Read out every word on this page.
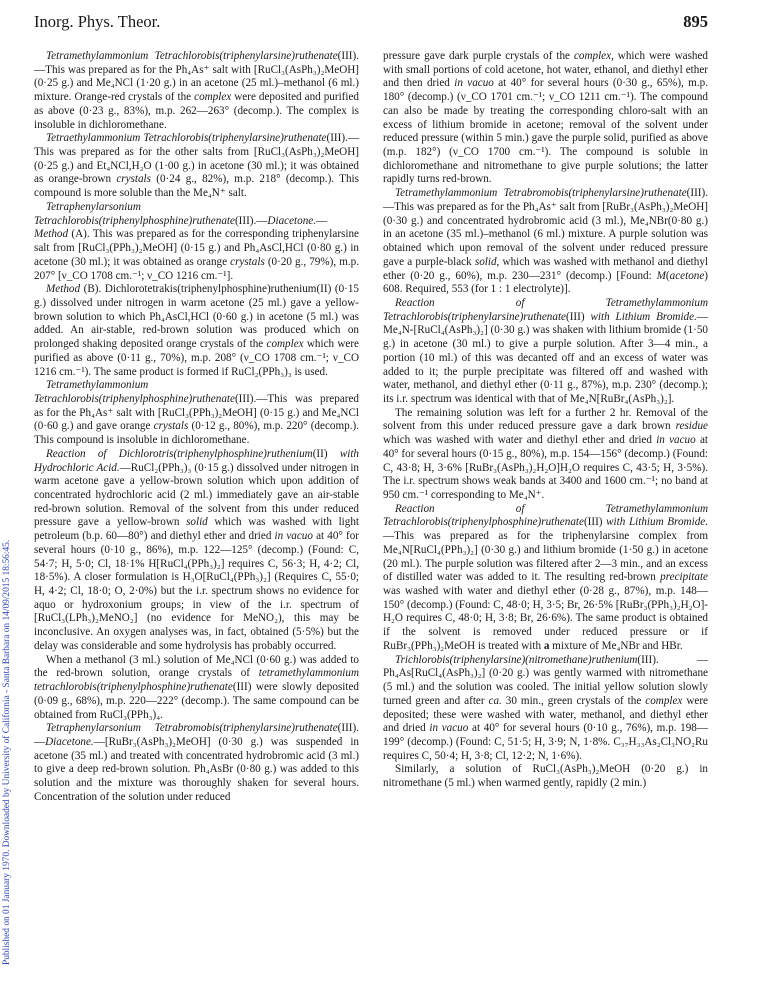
Inorg. Phys. Theor.	895
Published on 01 January 1970. Downloaded by University of California - Santa Barbara on 14/09/2015 18:56:45.

Tetramethylammonium Tetrachlorobis(triphenylarsine)ruthenate(III).—This was prepared as for the Ph₄As⁺ salt with [RuCl₃(AsPh₃)₂MeOH] (0·25 g.) and Me₄NCl (1·20 g.) in an acetone (25 ml.)–methanol (6 ml.) mixture. Orange-red crystals of the complex were deposited and purified as above (0·23 g., 83%), m.p. 262—263° (decomp.). The complex is insoluble in dichloromethane.

Tetraethylammonium Tetrachlorobis(triphenylarsine)ruthenate(III).—This was prepared as for the other salts from [RuCl₃(AsPh₃)₂MeOH] (0·25 g.) and Et₄NCl,H₂O (1·00 g.) in acetone (30 ml.); it was obtained as orange-brown crystals (0·24 g., 82%), m.p. 218° (decomp.). This compound is more soluble than the Me₄N⁺ salt.

Tetraphenylarsonium Tetrachlorobis(triphenylphosphine)ruthenate(III).—Diacetone.—Method (A). This was prepared as for the corresponding triphenylarsine salt from [RuCl₃(PPh₃)₂MeOH] (0·15 g.) and Ph₄AsCl,HCl (0·80 g.) in acetone (30 ml.); it was obtained as orange crystals (0·20 g., 79%), m.p. 207° [ν_CO 1708 cm.⁻¹; ν_CO 1216 cm.⁻¹].

Method (B). Dichlorotetrakis(triphenylphosphine)ruthenium(II) (0·15 g.) dissolved under nitrogen in warm acetone (25 ml.) gave a yellow-brown solution to which Ph₄AsCl,HCl (0·60 g.) in acetone (5 ml.) was added. An air-stable, red-brown solution was produced which on prolonged shaking deposited orange crystals of the complex which were purified as above (0·11 g., 70%), m.p. 208° (ν_CO 1708 cm.⁻¹; ν_CO 1216 cm.⁻¹). The same product is formed if RuCl₂(PPh₃)₃ is used.

Tetramethylammonium Tetrachlorobis(triphenylphosphine)ruthenate(III).—This was prepared as for the Ph₄As⁺ salt with [RuCl₃(PPh₃)₂MeOH] (0·15 g.) and Me₄NCl (0·60 g.) and gave orange crystals (0·12 g., 80%), m.p. 220° (decomp.). This compound is insoluble in dichloromethane.

Reaction of Dichlorotris(triphenylphosphine)ruthenium(II) with Hydrochloric Acid.—RuCl₂(PPh₃)₃ (0·15 g.) dissolved under nitrogen in warm acetone gave a yellow-brown solution which upon addition of concentrated hydrochloric acid (2 ml.) immediately gave an air-stable red-brown solution. Removal of the solvent from this under reduced pressure gave a yellow-brown solid which was washed with light petroleum (b.p. 60—80°) and diethyl ether and dried in vacuo at 40° for several hours (0·10 g., 86%), m.p. 122—125° (decomp.) (Found: C, 54·7; H, 5·0; Cl, 18·1% H[RuCl₄(PPh₃)₂] requires C, 56·3; H, 4·2; Cl, 18·5%). A closer formulation is H₃O[RuCl₄(PPh₃)₂] (Requires C, 55·0; H, 4·2; Cl, 18·0; O, 2·0%) but the i.r. spectrum shows no evidence for aquo or hydroxonium groups; in view of the i.r. spectrum of [RuCl₃(LPh₃)₂MeNO₂] (no evidence for MeNO₂), this may be inconclusive. An oxygen analyses was, in fact, obtained (5·5%) but the delay was considerable and some hydrolysis has probably occurred.

When a methanol (3 ml.) solution of Me₄NCl (0·60 g.) was added to the red-brown solution, orange crystals of tetramethylammonium tetrachlorobis(triphenylphosphine)ruthenate(III) were slowly deposited (0·09 g., 68%), m.p. 220—222° (decomp.). The same compound can be obtained from RuCl₃(PPh₃)₄.

Tetraphenylarsonium Tetrabromobis(triphenylarsine)ruthenate(III).—Diacetone.—[RuBr₃(AsPh₃)₂MeOH] (0·30 g.) was suspended in acetone (35 ml.) and treated with concentrated hydrobromic acid (3 ml.) to give a deep red-brown solution. Ph₄AsBr (0·80 g.) was added to this solution and the mixture was thoroughly shaken for several hours. Concentration of the solution under reduced

pressure gave dark purple crystals of the complex, which were washed with small portions of cold acetone, hot water, ethanol, and diethyl ether and then dried in vacuo at 40° for several hours (0·30 g., 65%), m.p. 180° (decomp.) (ν_CO 1701 cm.⁻¹; ν_CO 1211 cm.⁻¹). The compound can also be made by treating the corresponding chloro-salt with an excess of lithium bromide in acetone; removal of the solvent under reduced pressure (within 5 min.) gave the purple solid, purified as above (m.p. 182°) (ν_CO 1700 cm.⁻¹). The compound is soluble in dichloromethane and nitromethane to give purple solutions; the latter rapidly turns red-brown.

Tetramethylammonium Tetrabromobis(triphenylarsine)ruthenate(III).—This was prepared as for the Ph₄As⁺ salt from [RuBr₃(AsPh₃)₂MeOH] (0·30 g.) and concentrated hydrobromic acid (3 ml.), Me₄NBr(0·80 g.) in an acetone (35 ml.)–methanol (6 ml.) mixture. A purple solution was obtained which upon removal of the solvent under reduced pressure gave a purple-black solid, which was washed with methanol and diethyl ether (0·20 g., 60%), m.p. 230—231° (decomp.) [Found: M(acetone) 608. Required, 553 (for 1 : 1 electrolyte)].

Reaction of Tetramethylammonium Tetrachlorobis(triphenylarsine)ruthenate(III) with Lithium Bromide.—Me₄N-[RuCl₄(AsPh₃)₂] (0·30 g.) was shaken with lithium bromide (1·50 g.) in acetone (30 ml.) to give a purple solution. After 3—4 min., a portion (10 ml.) of this was decanted off and an excess of water was added to it; the purple precipitate was filtered off and washed with water, methanol, and diethyl ether (0·11 g., 87%), m.p. 230° (decomp.); its i.r. spectrum was identical with that of Me₄N[RuBr₄(AsPh₃)₂].

The remaining solution was left for a further 2 hr. Removal of the solvent from this under reduced pressure gave a dark brown residue which was washed with water and diethyl ether and dried in vacuo at 40° for several hours (0·15 g., 80%), m.p. 154—156° (decomp.) (Found: C, 43·8; H, 3·6% [RuBr₃(AsPh₃)₂H₂O]H₂O requires C, 43·5; H, 3·5%). The i.r. spectrum shows weak bands at 3400 and 1600 cm.⁻¹; no band at 950 cm.⁻¹ corresponding to Me₄N⁺.

Reaction of Tetramethylammonium Tetrachlorobis(triphenylphosphine)ruthenate(III) with Lithium Bromide.—This was prepared as for the triphenylarsine complex from Me₄N[RuCl₄(PPh₃)₂] (0·30 g.) and lithium bromide (1·50 g.) in acetone (20 ml.). The purple solution was filtered after 2—3 min., and an excess of distilled water was added to it. The resulting red-brown precipitate was washed with water and diethyl ether (0·28 g., 87%), m.p. 148—150° (decomp.) (Found: C, 48·0; H, 3·5; Br, 26·5% [RuBr₃(PPh₃)₂H₂O]-H₂O requires C, 48·0; H, 3·8; Br, 26·6%). The same product is obtained if the solvent is removed under reduced pressure or if RuBr₃(PPh₃)₂MeOH is treated with a mixture of Me₄NBr and HBr.

Trichlorobis(triphenylarsine)(nitromethane)ruthenium(III). —Ph₄As[RuCl₄(AsPh₃)₂] (0·20 g.) was gently warmed with nitromethane (5 ml.) and the solution was cooled. The initial yellow solution slowly turned green and after ca. 30 min., green crystals of the complex were deposited; these were washed with water, methanol, and diethyl ether and dried in vacuo at 40° for several hours (0·10 g., 76%), m.p. 198—199° (decomp.) (Found: C, 51·5; H, 3·9; N, 1·8%. C₃₇H₃₃As₂Cl₃NO₂Ru requires C, 50·4; H, 3·8; Cl, 12·2; N, 1·6%).

Similarly, a solution of RuCl₃(AsPh₃)₂MeOH (0·20 g.) in nitromethane (5 ml.) when warmed gently, rapidly (2 min.)
